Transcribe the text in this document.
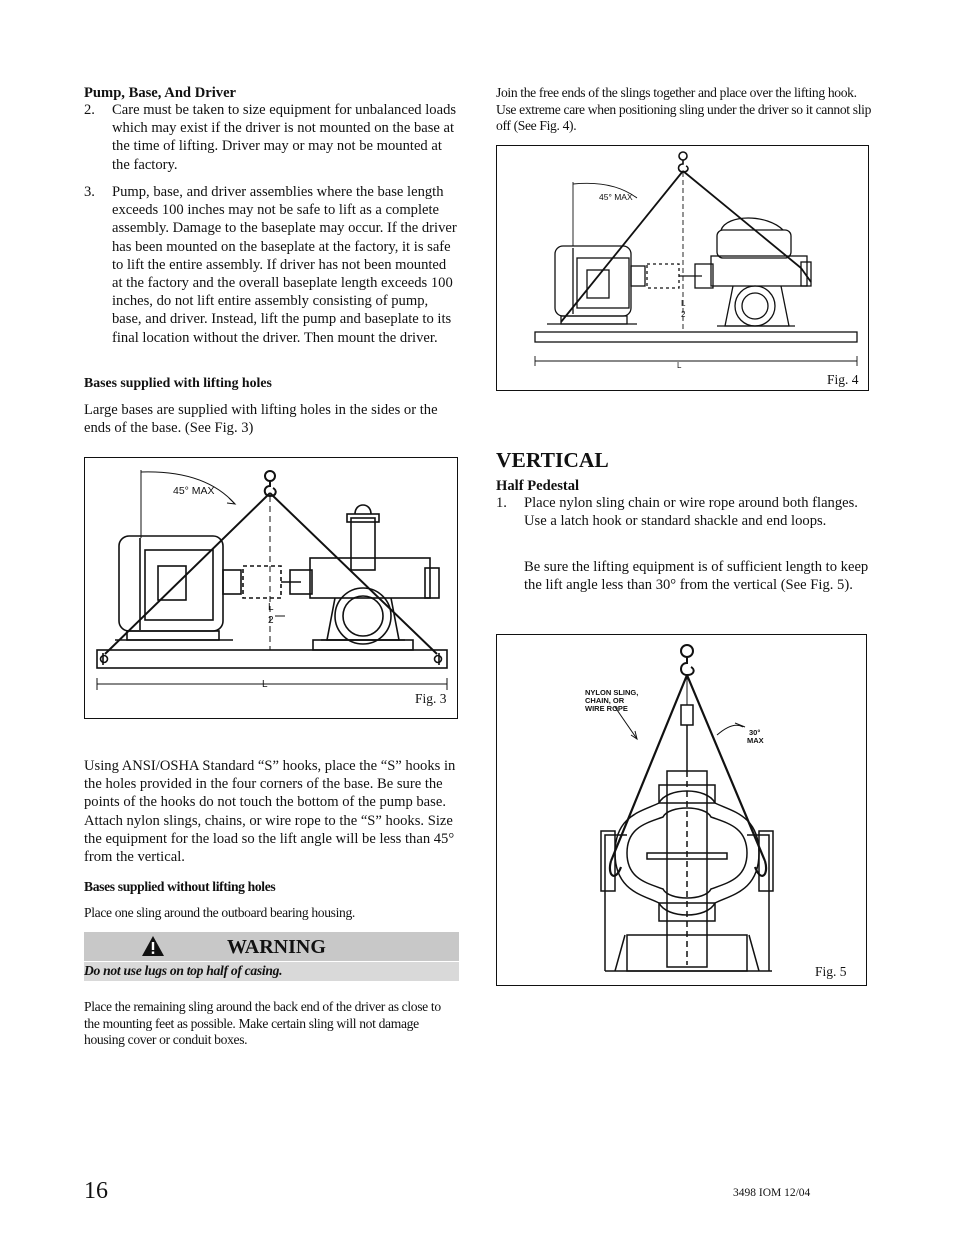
Pump, Base, And Driver
2. Care must be taken to size equipment for unbalanced loads which may exist if the driver is not mounted on the base at the time of lifting. Driver may or may not be mounted at the factory.
3. Pump, base, and driver assemblies where the base length exceeds 100 inches may not be safe to lift as a complete assembly. Damage to the baseplate may occur. If the driver has been mounted on the baseplate at the factory, it is safe to lift the entire assembly. If driver has not been mounted at the factory and the overall baseplate length exceeds 100 inches, do not lift entire assembly consisting of pump, base, and driver. Instead, lift the pump and baseplate to its final location without the driver. Then mount the driver.
Bases supplied with lifting holes
Large bases are supplied with lifting holes in the sides or the ends of the base. (See Fig. 3)
45° MAX
L
2
L
Fig. 3
Using ANSI/OSHA Standard “S” hooks, place the “S” hooks in the holes provided in the four corners of the base. Be sure the points of the hooks do not touch the bottom of the pump base. Attach nylon slings, chains, or wire rope to the “S” hooks. Size the equipment for the load so the lift angle will be less than 45° from the vertical.
Bases supplied without lifting holes
Place one sling around the outboard bearing housing.
WARNING
Do not use lugs on top half of casing.
Place the remaining sling around the back end of the driver as close to the mounting feet as possible. Make certain sling will not damage housing cover or conduit boxes.
Join the free ends of the slings together and place over the lifting hook. Use extreme care when positioning sling under the driver so it cannot slip off (See Fig. 4).
45° MAX
L
2
L
Fig. 4
VERTICAL
Half Pedestal
1. Place nylon sling chain or wire rope around both flanges. Use a latch hook or standard shackle and end loops.
Be sure the lifting equipment is of sufficient length to keep the lift angle less than 30° from the vertical (See Fig. 5).
NYLON SLING,
CHAIN, OR
WIRE ROPE
30°
MAX
Fig. 5
16	3498 IOM 12/04
